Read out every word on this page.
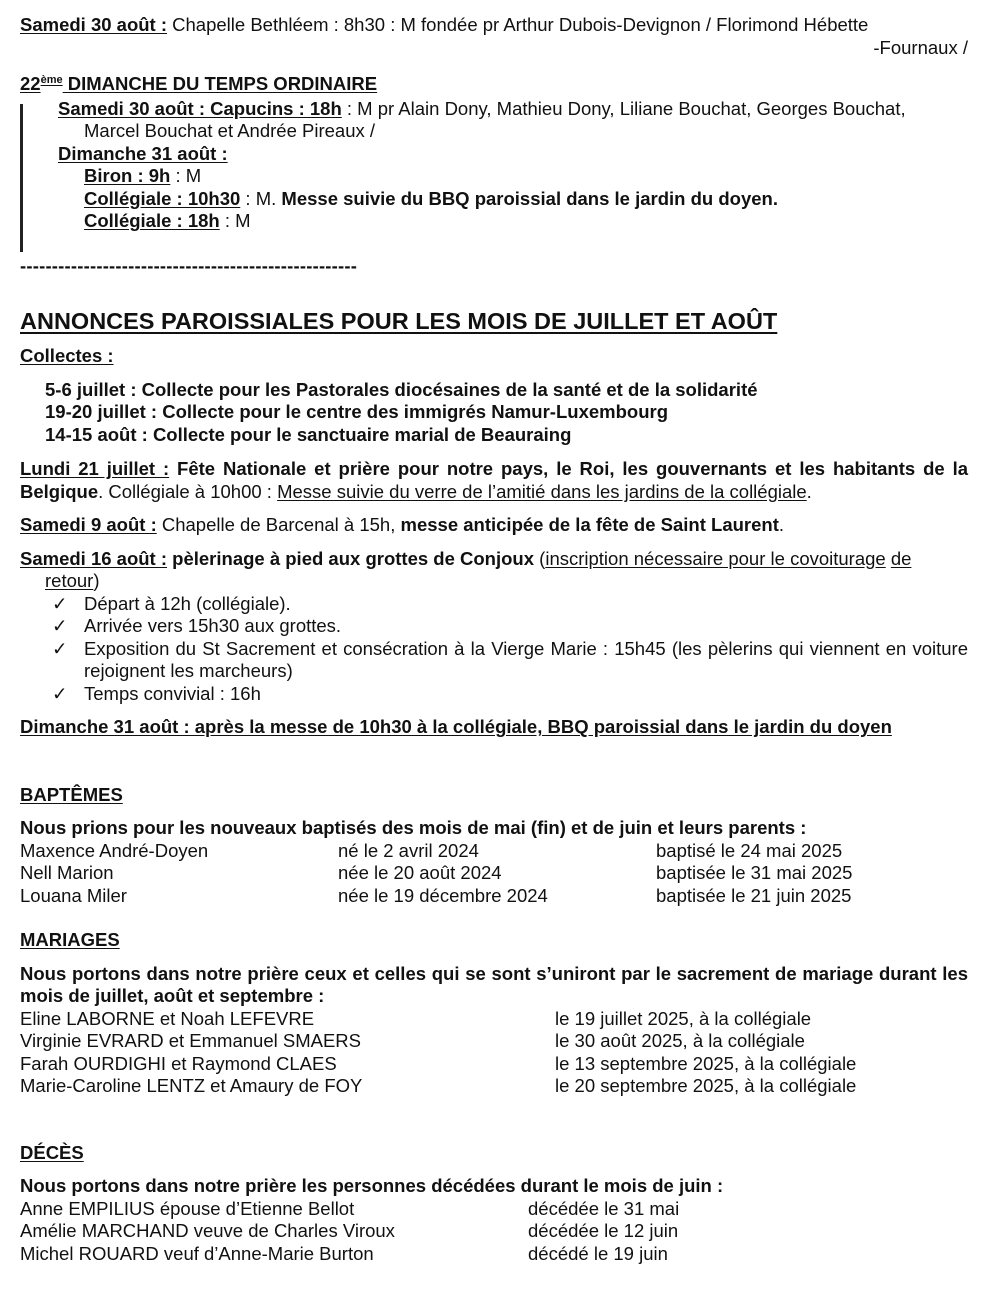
Samedi 30 août : Chapelle Bethléem : 8h30 : M fondée pr Arthur Dubois-Devignon / Florimond Hébette
-Fournaux /
22ème DIMANCHE DU TEMPS ORDINAIRE
Samedi 30 août : Capucins : 18h : M pr Alain Dony, Mathieu Dony, Liliane Bouchat, Georges Bouchat,
Marcel Bouchat et Andrée Pireaux /
Dimanche 31 août :
Biron : 9h : M
Collégiale : 10h30 : M. Messe suivie du BBQ paroissial dans le jardin du doyen.
Collégiale : 18h : M
-----------------------------------------------------
ANNONCES PAROISSIALES POUR LES MOIS DE JUILLET ET AOÛT
Collectes :
5-6 juillet : Collecte pour les Pastorales diocésaines de la santé et de la solidarité
19-20 juillet : Collecte pour le centre des immigrés Namur-Luxembourg
14-15 août : Collecte pour le sanctuaire marial de Beauraing
Lundi 21 juillet : Fête Nationale et prière pour notre pays, le Roi, les gouvernants et les habitants de la Belgique. Collégiale à 10h00 : Messe suivie du verre de l’amitié dans les jardins de la collégiale.
Samedi 9 août : Chapelle de Barcenal à 15h, messe anticipée de la fête de Saint Laurent.
Samedi 16 août : pèlerinage à pied aux grottes de Conjoux (inscription nécessaire pour le covoiturage de
retour)
✓ Départ à 12h (collégiale).
✓ Arrivée vers 15h30 aux grottes.
✓ Exposition du St Sacrement et consécration à la Vierge Marie : 15h45 (les pèlerins qui viennent en voiture rejoignent les marcheurs)
✓ Temps convivial : 16h
Dimanche 31 août : après la messe de 10h30 à la collégiale, BBQ paroissial dans le jardin du doyen
BAPTÊMES
Nous prions pour les nouveaux baptisés des mois de mai (fin) et de juin et leurs parents :
Maxence André-Doyen	né le 2 avril 2024	baptisé le 24 mai 2025
Nell Marion	née le 20 août 2024	baptisée le 31 mai 2025
Louana Miler	née le 19 décembre 2024	baptisée le 21 juin 2025
MARIAGES
Nous portons dans notre prière ceux et celles qui se sont s’uniront par le sacrement de mariage durant les mois de juillet, août et septembre :
Eline LABORNE et Noah LEFEVRE	le 19 juillet 2025, à la collégiale
Virginie EVRARD et Emmanuel SMAERS	le 30 août 2025, à la collégiale
Farah OURDIGHI et Raymond CLAES	le 13 septembre 2025, à la collégiale
Marie-Caroline LENTZ et Amaury de FOY	le 20 septembre 2025, à la collégiale
DÉCÈS
Nous portons dans notre prière les personnes décédées durant le mois de juin :
Anne EMPILIUS épouse d’Etienne Bellot	décédée le 31 mai
Amélie MARCHAND veuve de Charles Viroux	décédée le 12 juin
Michel ROUARD veuf d’Anne-Marie Burton	décédé le 19 juin
